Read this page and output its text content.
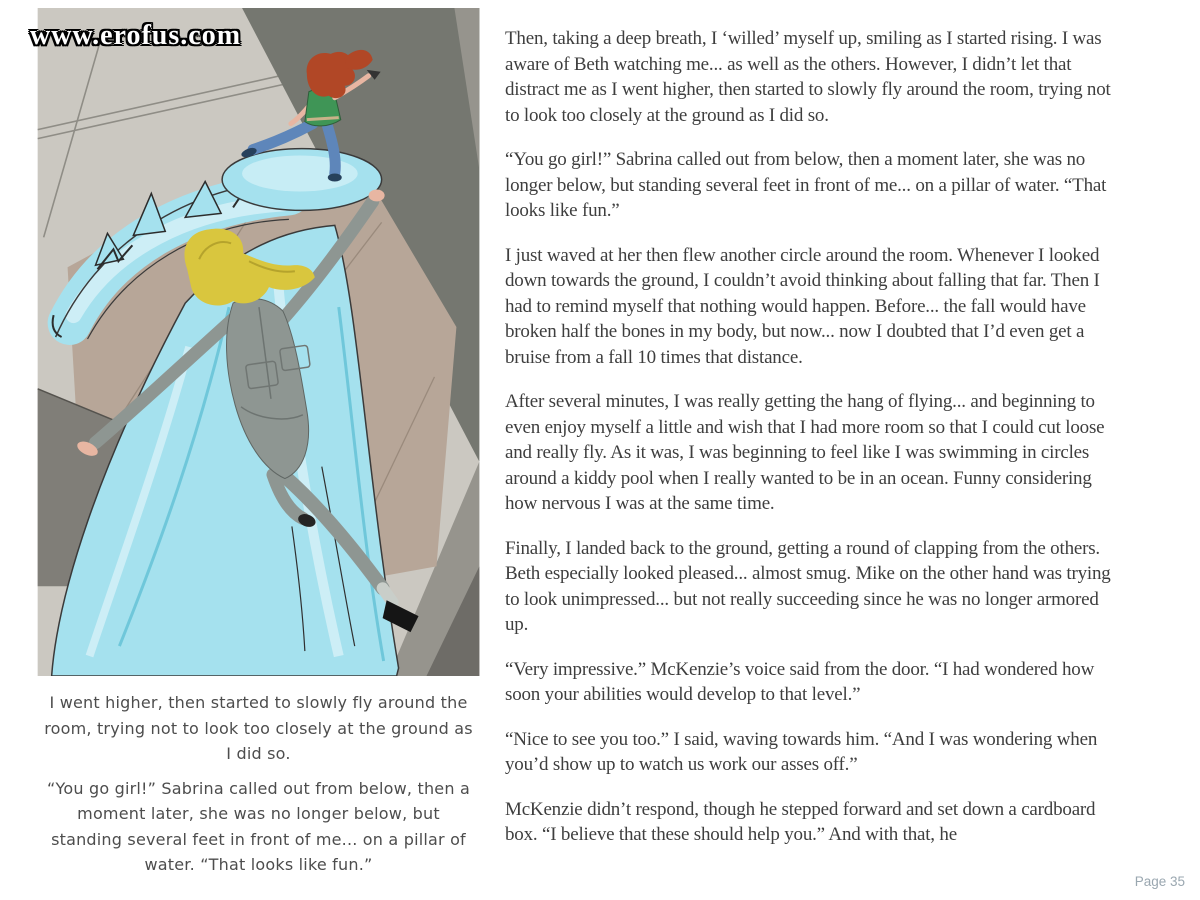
www.erofus.com
I went higher, then started to slowly fly around the room, trying not to look too closely at the ground as I did so.
“You go girl!” Sabrina called out from below, then a moment later, she was no longer below, but standing several feet in front of me... on a pillar of water. “That looks like fun.”

Then, taking a deep breath, I ‘willed’ myself up, smiling as I started rising. I was aware of Beth watching me... as well as the others. However, I didn’t let that distract me as I went higher, then started to slowly fly around the room, trying not to look too closely at the ground as I did so.

“You go girl!” Sabrina called out from below, then a moment later, she was no longer below, but standing several feet in front of me... on a pillar of water. “That looks like fun.”

I just waved at her then flew another circle around the room. Whenever I looked down towards the ground, I couldn’t avoid thinking about falling that far. Then I had to remind myself that nothing would happen. Before... the fall would have broken half the bones in my body, but now... now I doubted that I’d even get a bruise from a fall 10 times that distance.

After several minutes, I was really getting the hang of flying... and beginning to even enjoy myself a little and wish that I had more room so that I could cut loose and really fly. As it was, I was beginning to feel like I was swimming in circles around a kiddy pool when I really wanted to be in an ocean. Funny considering how nervous I was at the same time.

Finally, I landed back to the ground, getting a round of clapping from the others. Beth especially looked pleased... almost smug. Mike on the other hand was trying to look unimpressed... but not really succeeding since he was no longer armored up.

“Very impressive.” McKenzie’s voice said from the door. “I had wondered how soon your abilities would develop to that level.”

“Nice to see you too.” I said, waving towards him. “And I was wondering when you’d show up to watch us work our asses off.”

McKenzie didn’t respond, though he stepped forward and set down a cardboard box. “I believe that these should help you.” And with that, he

Page 35
